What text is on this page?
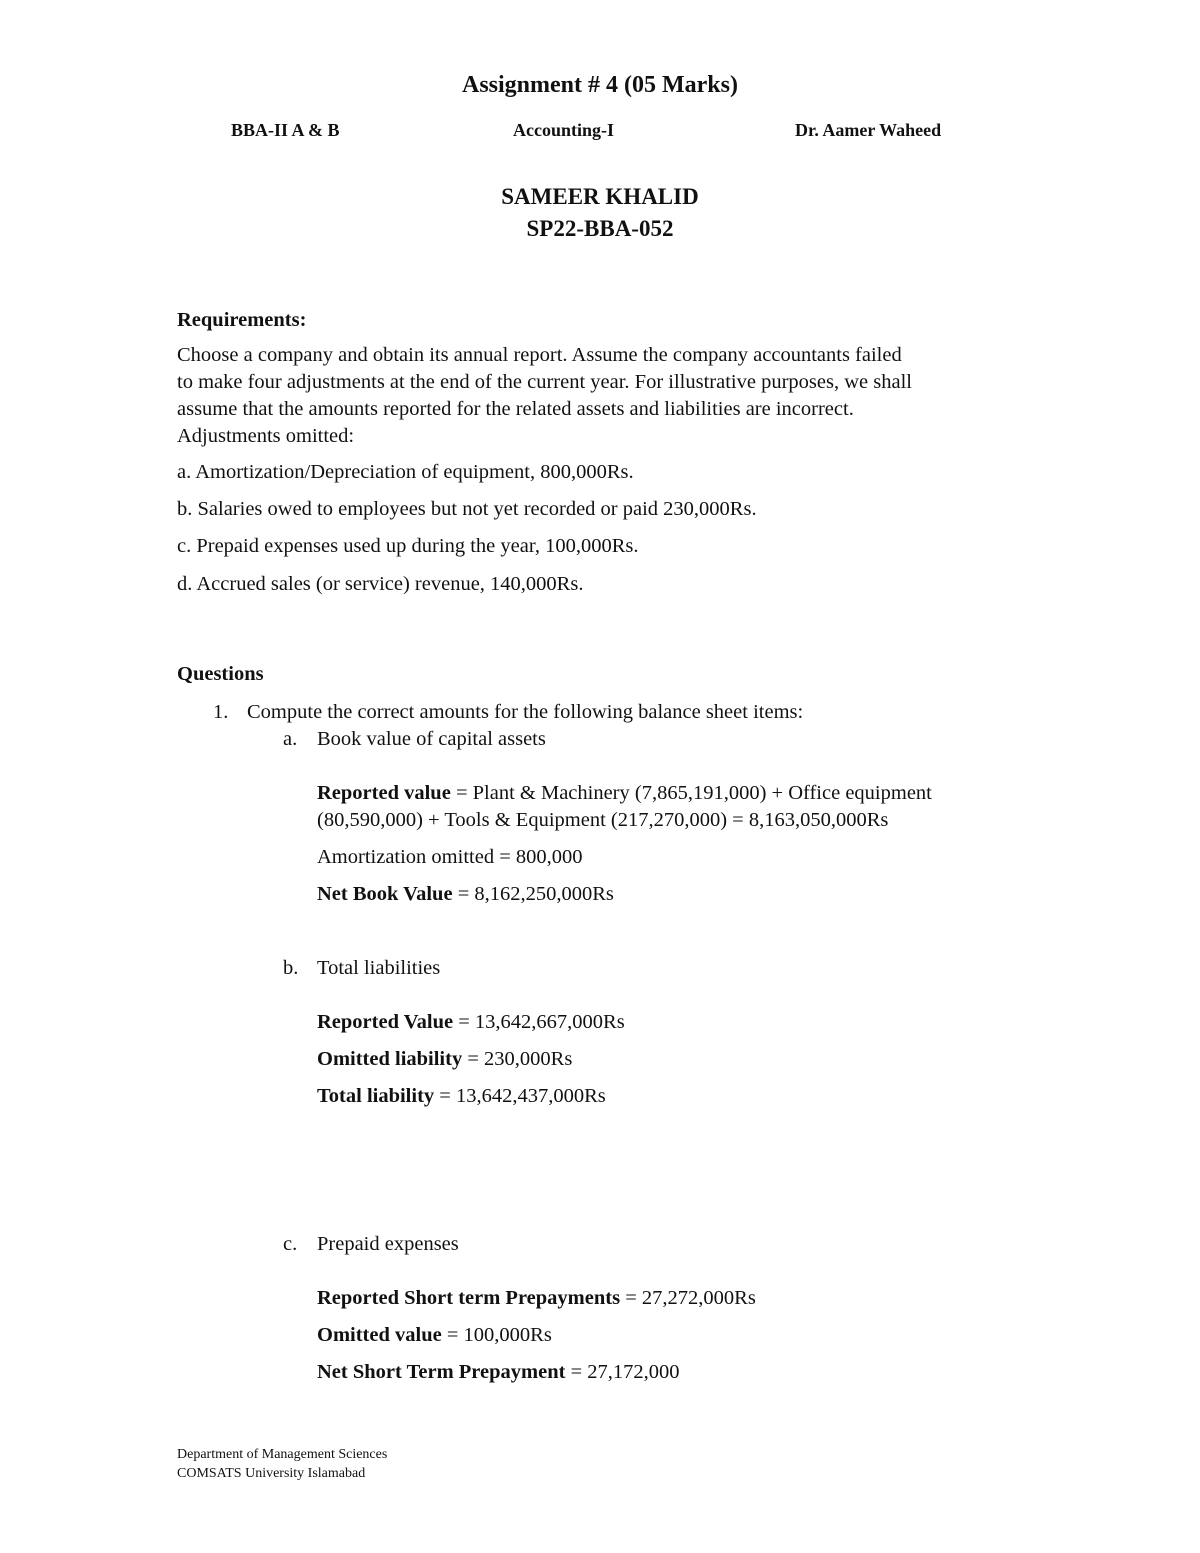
Assignment # 4 (05 Marks)
BBA-II A & B	Accounting-I	Dr. Aamer Waheed
SAMEER KHALID
SP22-BBA-052
Requirements:
Choose a company and obtain its annual report. Assume the company accountants failed
to make four adjustments at the end of the current year. For illustrative purposes, we shall
assume that the amounts reported for the related assets and liabilities are incorrect.
Adjustments omitted:
a. Amortization/Depreciation of equipment, 800,000Rs.
b. Salaries owed to employees but not yet recorded or paid 230,000Rs.
c. Prepaid expenses used up during the year, 100,000Rs.
d. Accrued sales (or service) revenue, 140,000Rs.
Questions
1. Compute the correct amounts for the following balance sheet items:
a. Book value of capital assets
Reported value = Plant & Machinery (7,865,191,000) + Office equipment
(80,590,000) + Tools & Equipment (217,270,000) = 8,163,050,000Rs
Amortization omitted = 800,000
Net Book Value = 8,162,250,000Rs
b. Total liabilities
Reported Value = 13,642,667,000Rs
Omitted liability = 230,000Rs
Total liability = 13,642,437,000Rs
c. Prepaid expenses
Reported Short term Prepayments = 27,272,000Rs
Omitted value = 100,000Rs
Net Short Term Prepayment = 27,172,000
Department of Management Sciences
COMSATS University Islamabad
